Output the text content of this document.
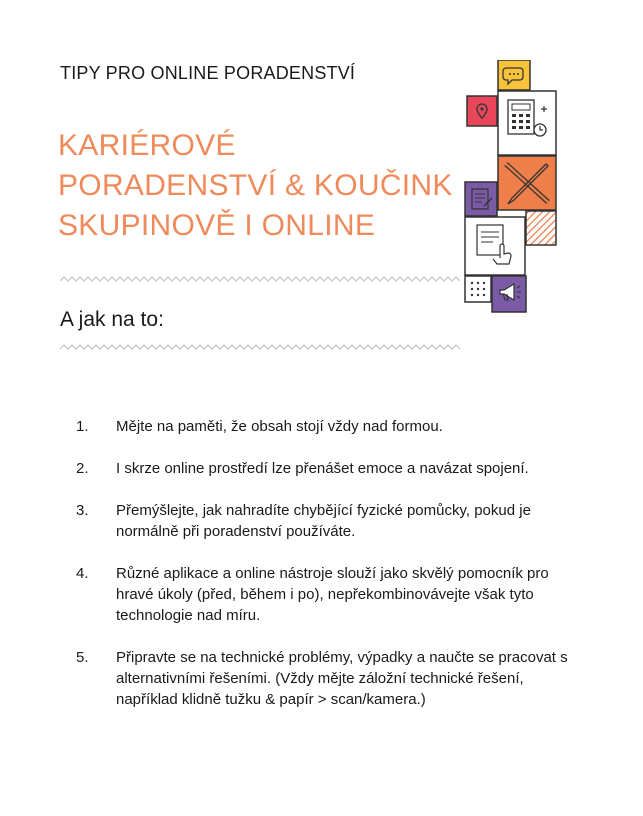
TIPY PRO ONLINE PORADENSTVÍ
KARIÉROVÉ PORADENSTVÍ & KOUČINK SKUPINOVĚ I ONLINE
A jak na to:
1.	Mějte na paměti, že obsah stojí vždy nad formou.
2.	I skrze online prostředí lze přenášet emoce a navázat spojení.
3.	Přemýšlejte, jak nahradíte chybějící fyzické pomůcky, pokud je normálně při poradenství používáte.
4.	Různé aplikace a online nástroje slouží jako skvělý pomocník pro hravé úkoly (před, během i po), nepřekombinovávejte však tyto technologie nad míru.
5.	Připravte se na technické problémy, výpadky a naučte se pracovat s alternativními řešeními. (Vždy mějte záložní technické řešení, například klidně tužku & papír > scan/kamera.)
